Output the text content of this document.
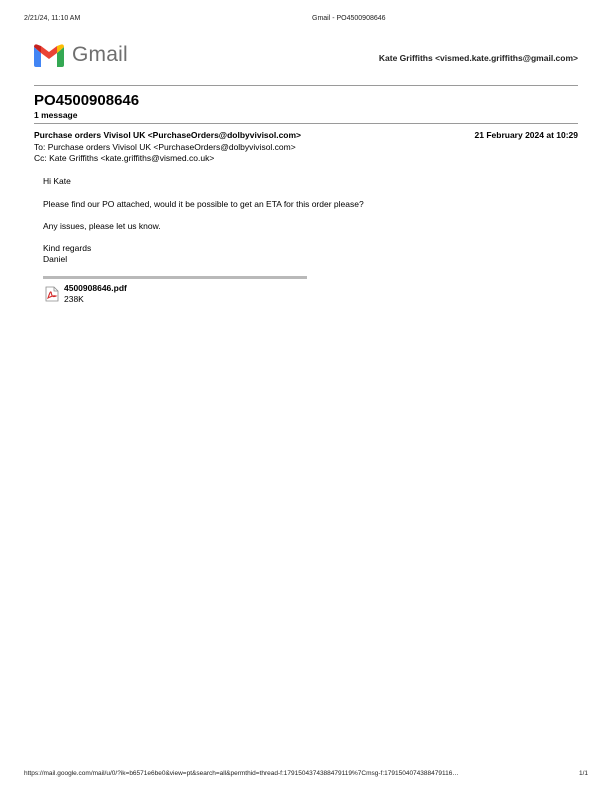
2/21/24, 11:10 AM	Gmail - PO4500908646
Gmail	Kate Griffiths <vismed.kate.griffiths@gmail.com>
PO4500908646
1 message
Purchase orders Vivisol UK <PurchaseOrders@dolbyvivisol.com>	21 February 2024 at 10:29
To: Purchase orders Vivisol UK <PurchaseOrders@dolbyvivisol.com>
Cc: Kate Griffiths <kate.griffiths@vismed.co.uk>
Hi Kate
Please find our PO attached, would it be possible to get an ETA for this order please?
Any issues, please let us know.
Kind regards
Daniel
4500908646.pdf
238K
https://mail.google.com/mail/u/0/?ik=b6571e6be0&view=pt&search=all&permthid=thread-f:1791504374388479119%7Cmsg-f:1791504074388479116…	1/1
